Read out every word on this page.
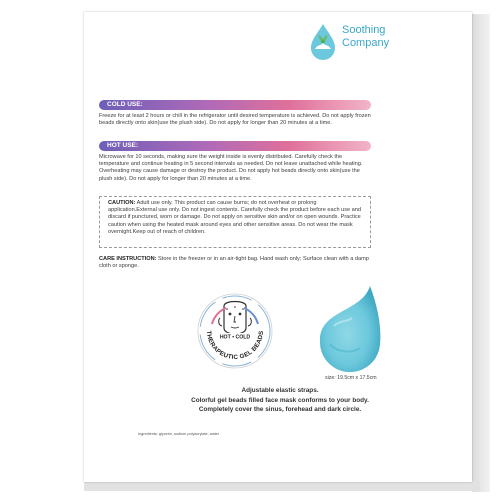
Soothing
Company
COLD USE:
Freeze for at least 2 hours or chill in the refrigerator until desired temperature is achieved. Do not apply frozen beads directly onto skin(use the plush side). Do not apply for longer than 20 minutes at a time.
HOT USE:
Microwave for 10 seconds, making sure the weight inside is evenly distributed. Carefully check the temperature and continue heating in 5 second intervals as needed. Do not leave unattached while heating. Overheating may cause damage or destroy the product. Do not apply hot beads directly onto skin(use the plush side). Do not apply for longer than 20 minutes at a time.
CAUTION: Adult use only. This product can cause burns; do not overheat or prolong application.External use only. Do not ingest contents. Carefully check the product before each use and discard if punctured, worn or damage. Do not apply on sensitive skin and/or on open wounds. Practice caution when using the heated mask around eyes and other sensitive areas. Do not wear the mask overnight.Keep out of reach of children.
CARE INSTRUCTION: Store in the freezer or in an air-tight bag. Hand wash only; Surface clean with a damp cloth or sponge.
HOT • COLD
THERAPEUTIC GEL BEADS
size: 19.5cm x 17.5cm
Adjustable elastic straps.
Colorful gel beads filled face mask conforms to your body.
Completely cover the sinus, forehead and dark circle.
Ingredients: glycerin ,sodium polyacrylate, water
